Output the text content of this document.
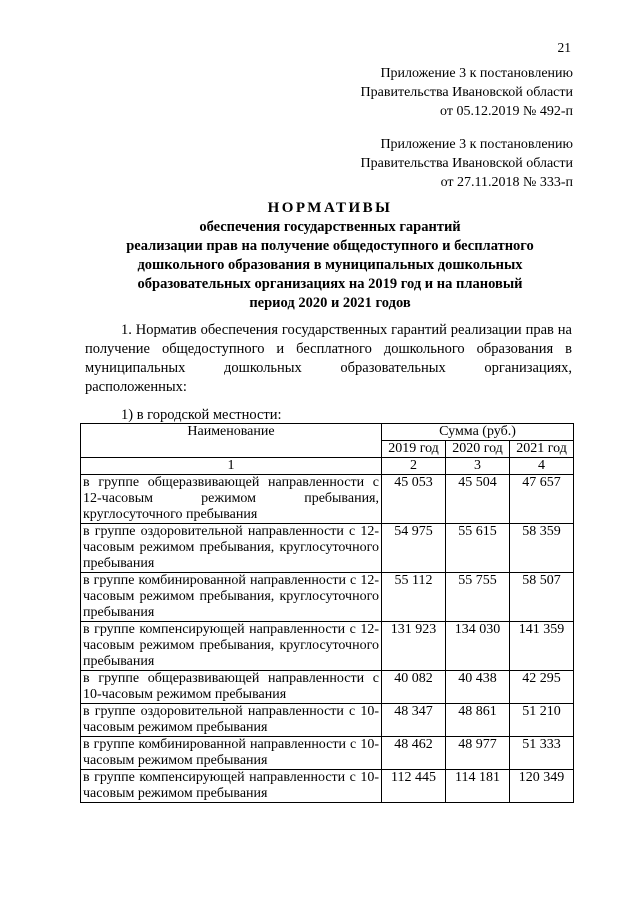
21
Приложение 3 к постановлению
Правительства Ивановской области
от 05.12.2019 № 492-п
Приложение 3 к постановлению
Правительства Ивановской области
от 27.11.2018 № 333-п
НОРМАТИВЫ
обеспечения государственных гарантий
реализации прав на получение общедоступного и бесплатного
дошкольного образования в муниципальных дошкольных
образовательных организациях на 2019 год и на плановый
период 2020 и 2021 годов
1. Норматив обеспечения государственных гарантий реализации прав на получение общедоступного и бесплатного дошкольного образования в муниципальных дошкольных образовательных организациях, расположенных:
1) в городской местности:
Наименование	Сумма (руб.)		
	2019 год	2020 год	2021 год
1	2	3	4
в группе общеразвивающей направленности с 12-часовым режимом пребывания, круглосуточного пребывания	45 053	45 504	47 657
в группе оздоровительной направленности с 12-часовым режимом пребывания, круглосуточного пребывания	54 975	55 615	58 359
в группе комбинированной направленности с 12-часовым режимом пребывания, круглосуточного пребывания	55 112	55 755	58 507
в группе компенсирующей направленности с 12-часовым режимом пребывания, круглосуточного пребывания	131 923	134 030	141 359
в группе общеразвивающей направленности с 10-часовым режимом пребывания	40 082	40 438	42 295
в группе оздоровительной направленности с 10-часовым режимом пребывания	48 347	48 861	51 210
в группе комбинированной направленности с 10-часовым режимом пребывания	48 462	48 977	51 333
в группе компенсирующей направленности с 10-часовым режимом пребывания	112 445	114 181	120 349
